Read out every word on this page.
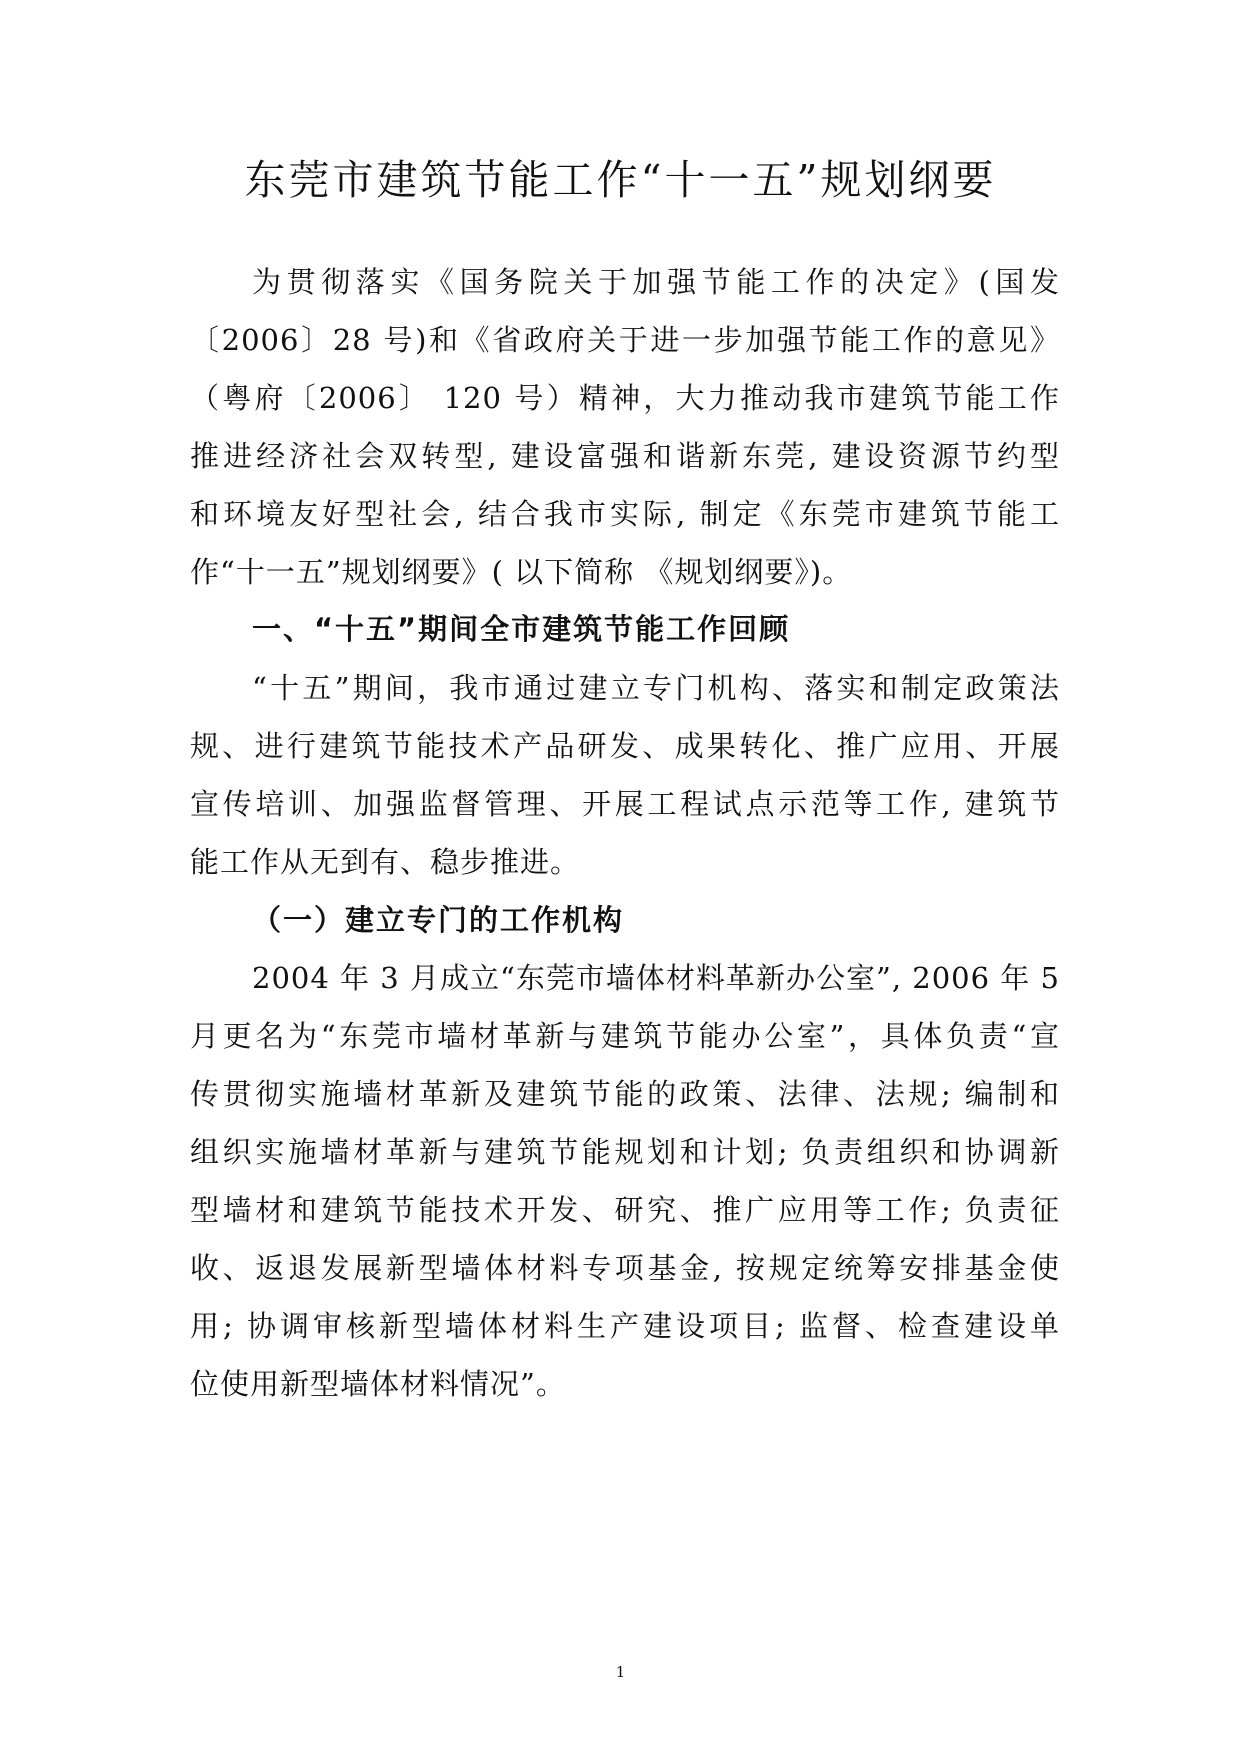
东莞市建筑节能工作“十一五”规划纲要
为贯彻落实《国务院关于加强节能工作的决定》(国发
〔2006〕28 号)和《省政府关于进一步加强节能工作的意见》
（粤府〔2006〕 120 号）精神，大力推动我市建筑节能工作
推进经济社会双转型, 建设富强和谐新东莞, 建设资源节约型
和环境友好型社会, 结合我市实际, 制定《东莞市建筑节能工
作“十一五”规划纲要》( 以下简称 《规划纲要》)。
一、“十五”期间全市建筑节能工作回顾
“十五”期间，我市通过建立专门机构、落实和制定政策法
规、进行建筑节能技术产品研发、成果转化、推广应用、开展
宣传培训、加强监督管理、开展工程试点示范等工作, 建筑节
能工作从无到有、稳步推进。
（一）建立专门的工作机构
2004 年 3 月成立“东莞市墙体材料革新办公室”, 2006 年 5
月更名为“东莞市墙材革新与建筑节能办公室”，具体负责“宣
传贯彻实施墙材革新及建筑节能的政策、法律、法规; 编制和
组织实施墙材革新与建筑节能规划和计划; 负责组织和协调新
型墙材和建筑节能技术开发、研究、推广应用等工作; 负责征
收、返退发展新型墙体材料专项基金, 按规定统筹安排基金使
用; 协调审核新型墙体材料生产建设项目; 监督、检查建设单
位使用新型墙体材料情况”。
1
